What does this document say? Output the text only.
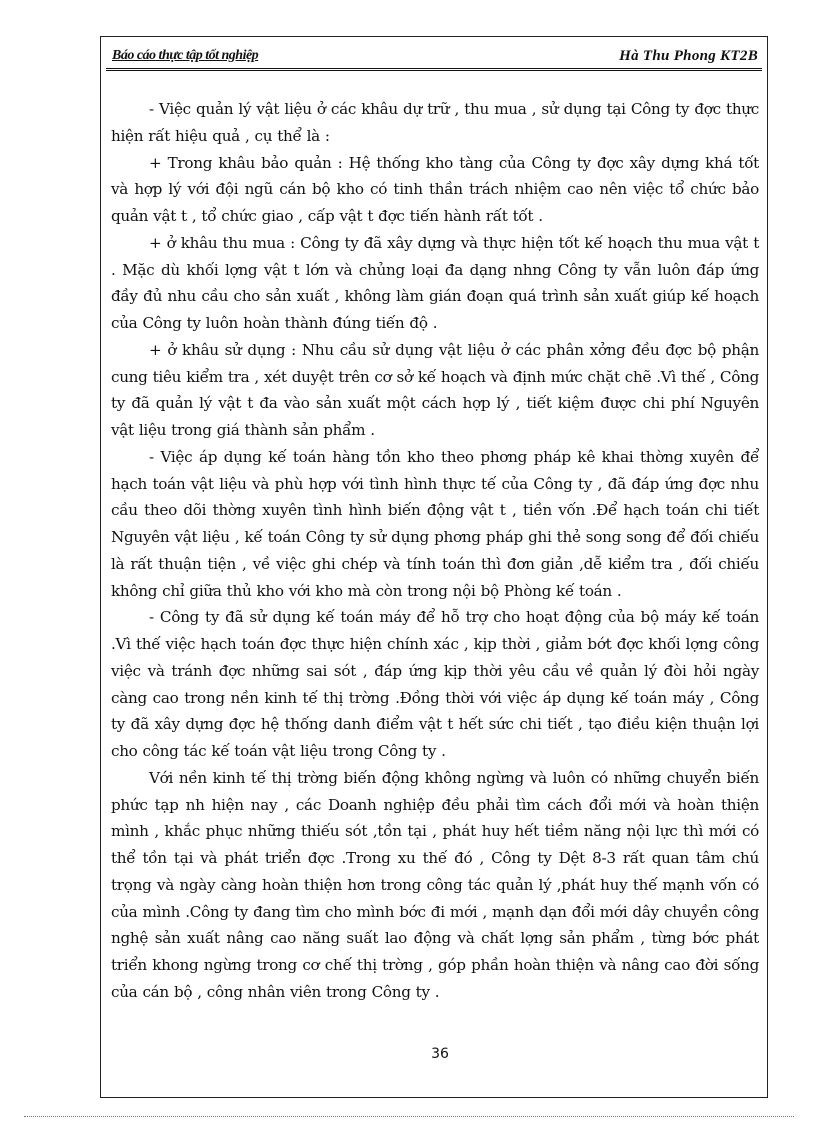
Báo cáo thực tập tốt nghiệp	Hà Thu Phong KT2B

- Việc quản lý vật liệu ở các khâu dự trữ , thu mua , sử dụng tại Công ty đợc thực hiện rất hiệu quả , cụ thể là :

+ Trong khâu bảo quản : Hệ thống kho tàng của Công ty đợc xây dựng khá tốt và hợp lý với đội ngũ cán bộ kho có tinh thần trách nhiệm cao nên việc tổ chức bảo quản vật t , tổ chức giao , cấp vật t đợc tiến hành rất tốt .

+ ở khâu thu mua : Công ty đã xây dựng và thực hiện tốt kế hoạch thu mua vật t . Mặc dù khối lợng vật t lớn và chủng loại đa dạng nhng Công ty vẫn luôn đáp ứng đầy đủ nhu cầu cho sản xuất , không làm gián đoạn quá trình sản xuất giúp kế hoạch của Công ty luôn hoàn thành đúng tiến độ .

+ ở khâu sử dụng : Nhu cầu sử dụng vật liệu ở các phân xởng đều đợc bộ phận cung tiêu kiểm tra , xét duyệt trên cơ sở kế hoạch và định mức chặt chẽ .Vì thế , Công ty đã quản lý vật t đa vào sản xuất một cách hợp lý , tiết kiệm được chi phí Nguyên vật liệu trong giá thành sản phẩm .

- Việc áp dụng kế toán hàng tồn kho theo phơng pháp kê khai thờng xuyên để hạch toán vật liệu và phù hợp với tình hình thực tế của Công ty , đã đáp ứng đợc nhu cầu theo dõi thờng xuyên tình hình biến động vật t , tiền vốn .Để hạch toán chi tiết Nguyên vật liệu , kế toán Công ty sử dụng phơng pháp ghi thẻ song song để đối chiếu là rất thuận tiện , về việc ghi chép và tính toán thì đơn giản ,dễ kiểm tra , đối chiếu không chỉ giữa thủ kho với kho mà còn trong nội bộ Phòng kế toán .

- Công ty đã sử dụng kế toán máy để hỗ trợ cho hoạt động của bộ máy kế toán .Vì thế việc hạch toán đợc thực hiện chính xác , kịp thời , giảm bớt đợc khối lợng công việc và tránh đợc những sai sót , đáp ứng kịp thời yêu cầu về quản lý đòi hỏi ngày càng cao trong nền kinh tế thị trờng .Đồng thời với việc áp dụng kế toán máy , Công ty đã xây dựng đợc hệ thống danh điểm vật t hết sức chi tiết , tạo điều kiện thuận lợi cho công tác kế toán vật liệu trong Công ty .

Với nền kinh tế thị trờng biến động không ngừng và luôn có những chuyển biến phức tạp nh hiện nay , các Doanh nghiệp đều phải tìm cách đổi mới và hoàn thiện mình , khắc phục những thiếu sót ,tồn tại , phát huy hết tiềm năng nội lực thì mới có thể tồn tại và phát triển đợc .Trong xu thế đó , Công ty Dệt 8-3 rất quan tâm chú trọng và ngày càng hoàn thiện hơn trong công tác quản lý ,phát huy thế mạnh vốn có của mình .Công ty đang tìm cho mình bớc đi mới , mạnh dạn đổi mới dây chuyền công nghệ sản xuất nâng cao năng suất lao động và chất lợng sản phẩm , từng bớc phát triển khong ngừng trong cơ chế thị trờng , góp phần hoàn thiện và nâng cao đời sống của cán bộ , công nhân viên trong Công ty .

36
